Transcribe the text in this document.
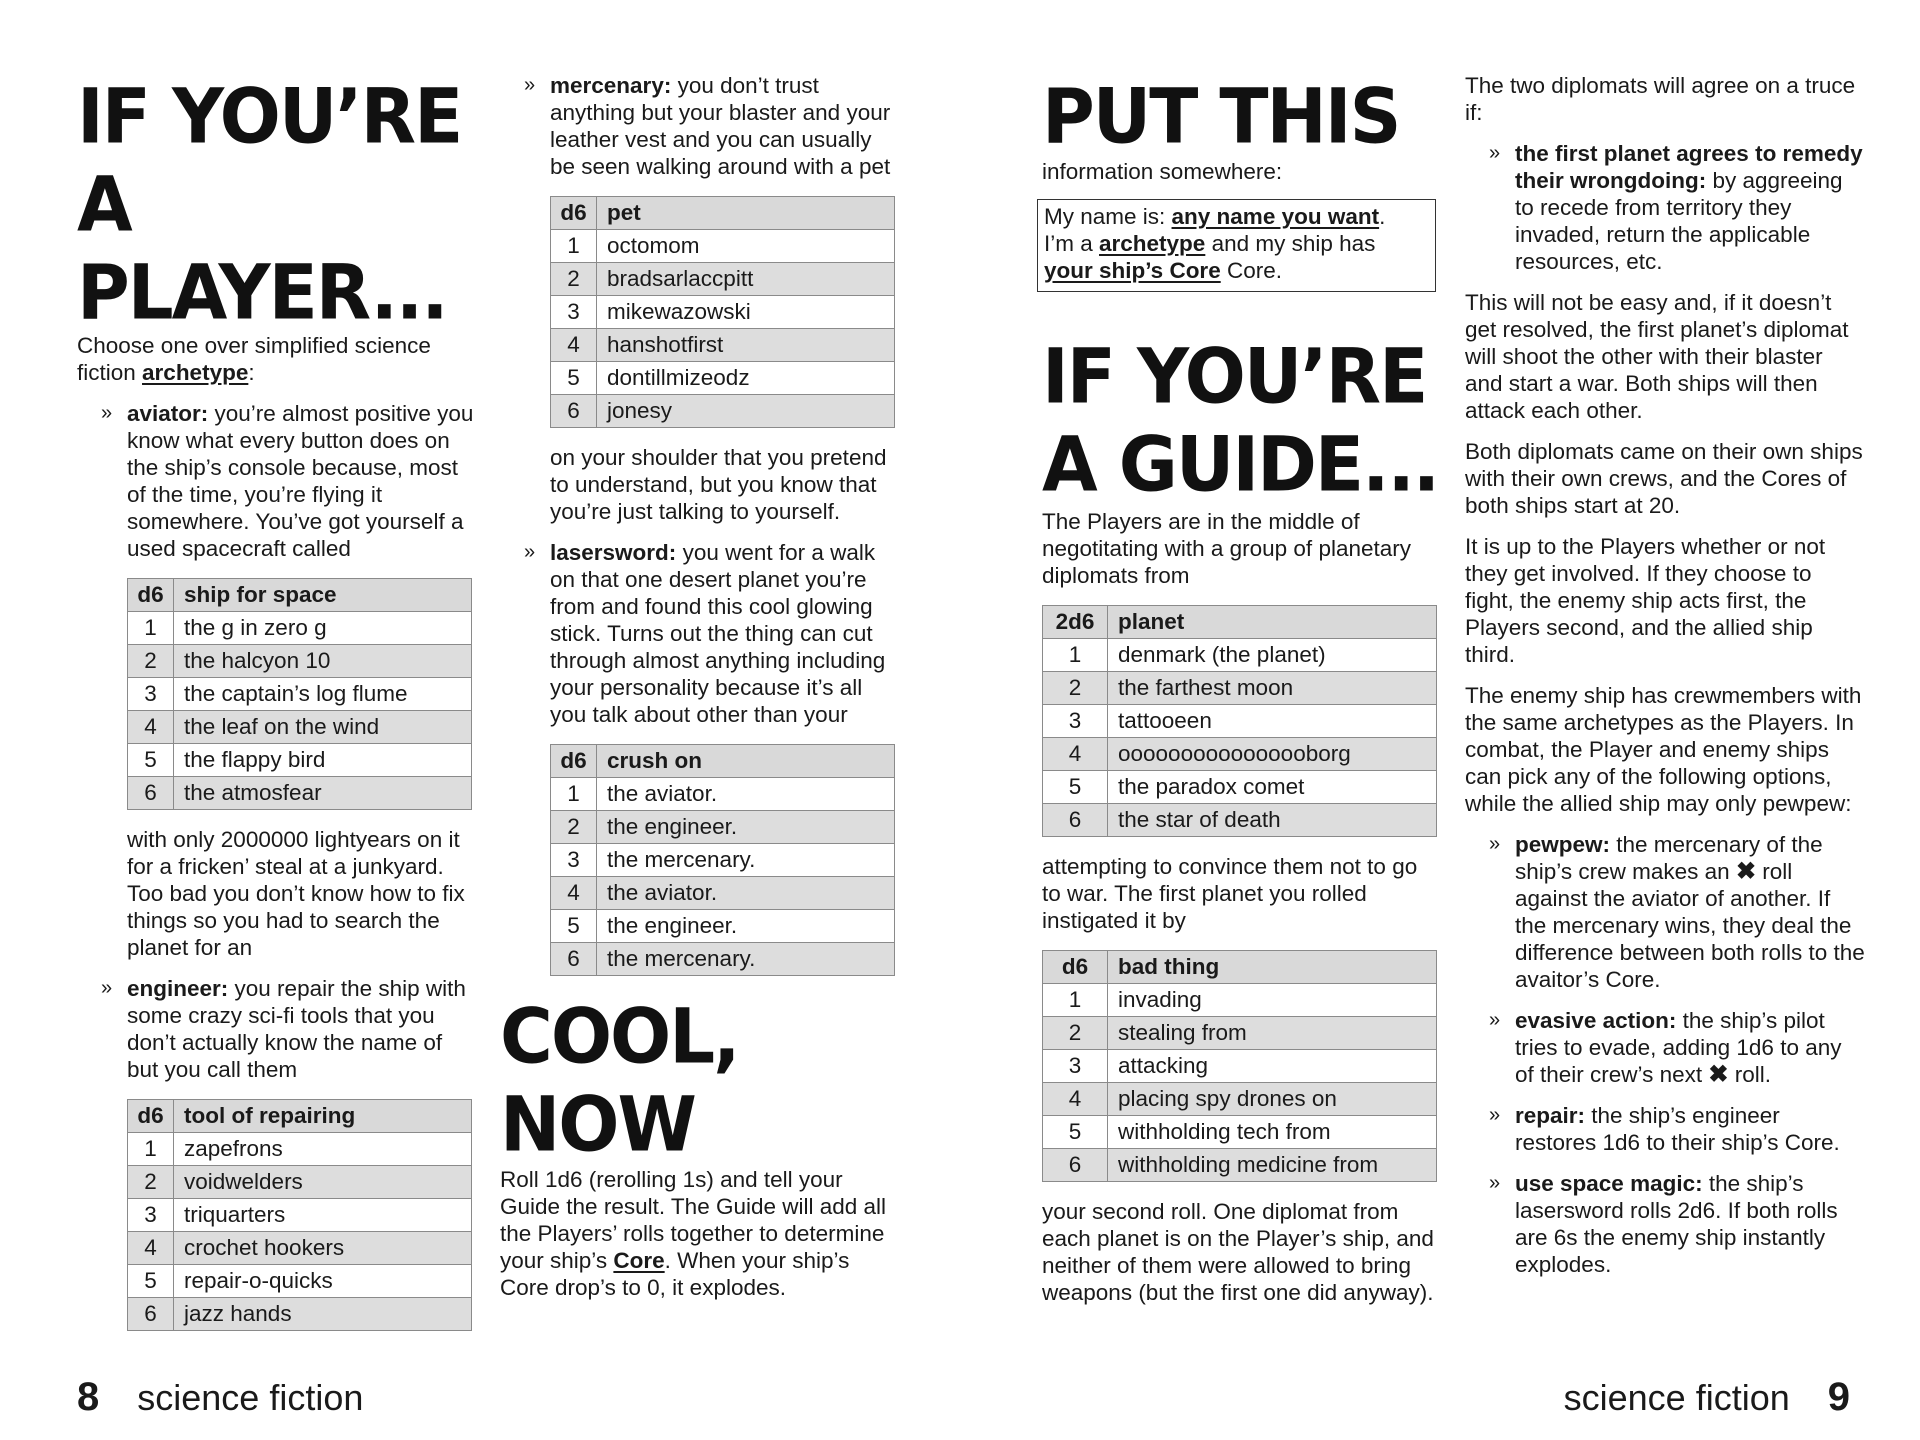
IF YOU’RE
A PLAYER...

Choose one over simplified science fiction archetype:

» aviator: you’re almost positive you know what every button does on the ship’s console because, most of the time, you’re flying it somewhere. You’ve got yourself a used spacecraft called
d6	ship for space
1	the g in zero g
2	the halcyon 10
3	the captain’s log flume
4	the leaf on the wind
5	the flappy bird
6	the atmosfear

with only 2000000 lightyears on it for a fricken’ steal at a junkyard. Too bad you don’t know how to fix things so you had to search the planet for an

» engineer: you repair the ship with some crazy sci-fi tools that you don’t actually know the name of but you call them
d6	tool of repairing
1	zapefrons
2	voidwelders
3	triquarters
4	crochet hookers
5	repair-o-quicks
6	jazz hands
» mercenary: you don’t trust anything but your blaster and your leather vest and you can usually be seen walking around with a pet
d6	pet
1	octomom
2	bradsarlaccpitt
3	mikewazowski
4	hanshotfirst
5	dontillmizeodz
6	jonesy

on your shoulder that you pretend to understand, but you know that you’re just talking to yourself.

» lasersword: you went for a walk on that one desert planet you’re from and found this cool glowing stick. Turns out the thing can cut through almost anything including your personality because it’s all you talk about other than your
d6	crush on
1	the aviator.
2	the engineer.
3	the mercenary.
4	the aviator.
5	the engineer.
6	the mercenary.
COOL, NOW

Roll 1d6 (rerolling 1s) and tell your Guide the result. The Guide will add all the Players’ rolls together to determine your ship’s Core. When your ship’s Core drop’s to 0, it explodes.

PUT THIS

information somewhere:

My name is: any name you want.
I’m a archetype and my ship has your ship’s Core Core.
IF YOU’RE
A GUIDE...

The Players are in the middle of negotitating with a group of planetary diplomats from

2d6	planet
1	denmark (the planet)
2	the farthest moon
3	tattooeen
4	oooooooooooooooborg
5	the paradox comet
6	the star of death

attempting to convince them not to go to war. The first planet you rolled instigated it by

d6	bad thing
1	invading
2	stealing from
3	attacking
4	placing spy drones on
5	withholding tech from
6	withholding medicine from

your second roll. One diplomat from each planet is on the Player’s ship, and neither of them were allowed to bring weapons (but the first one did anyway).

The two diplomats will agree on a truce if:

» the first planet agrees to remedy their wrongdoing: by aggreeing to recede from territory they invaded, return the applicable resources, etc.

This will not be easy and, if it doesn’t get resolved, the first planet’s diplomat will shoot the other with their blaster and start a war. Both ships will then attack each other.

Both diplomats came on their own ships with their own crews, and the Cores of both ships start at 20.

It is up to the Players whether or not they get involved. If they choose to fight, the enemy ship acts first, the Players second, and the allied ship third.

The enemy ship has crewmembers with the same archetypes as the Players. In combat, the Player and enemy ships can pick any of the following options, while the allied ship may only pewpew:

» pewpew: the mercenary of the ship’s crew makes an ✖ roll against the aviator of another. If the mercenary wins, they deal the difference between both rolls to the avaitor’s Core.
» evasive action: the ship’s pilot tries to evade, adding 1d6 to any of their crew’s next ✖ roll.
» repair: the ship’s engineer restores 1d6 to their ship’s Core.
» use space magic: the ship’s lasersword rolls 2d6. If both rolls are 6s the enemy ship instantly explodes.
8 science fiction	science fiction 9
